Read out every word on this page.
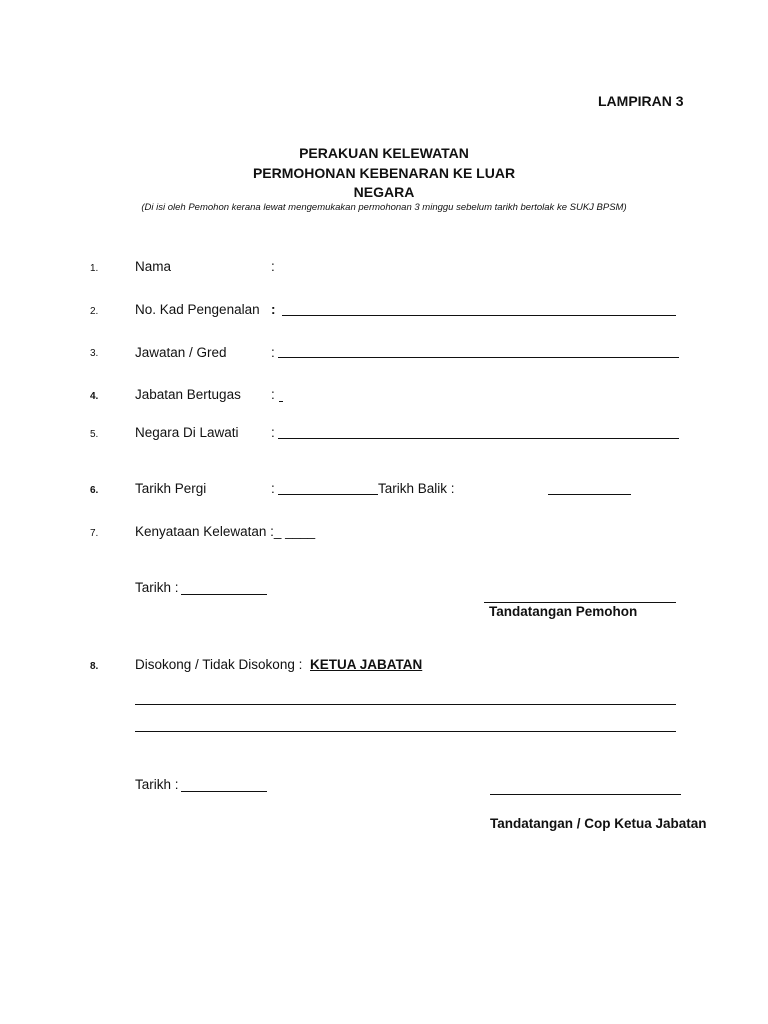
LAMPIRAN 3
PERAKUAN KELEWATAN
PERMOHONAN KEBENARAN KE LUAR
NEGARA
(Di isi oleh Pemohon kerana lewat mengemukakan permohonan 3 minggu sebelum tarikh bertolak ke SUKJ BPSM)
1.	Nama	:
2.	No. Kad Pengenalan :
3.	Jawatan / Gred	:
4.	Jabatan Bertugas :
5.	Negara Di Lawati :
6.	Tarikh Pergi	:	Tarikh Balik :
7.	Kenyataan Kelewatan :_ ____
Tarikh :
Tandatangan Pemohon
8.	Disokong / Tidak Disokong : KETUA JABATAN
Tarikh :
Tandatangan / Cop Ketua Jabatan
